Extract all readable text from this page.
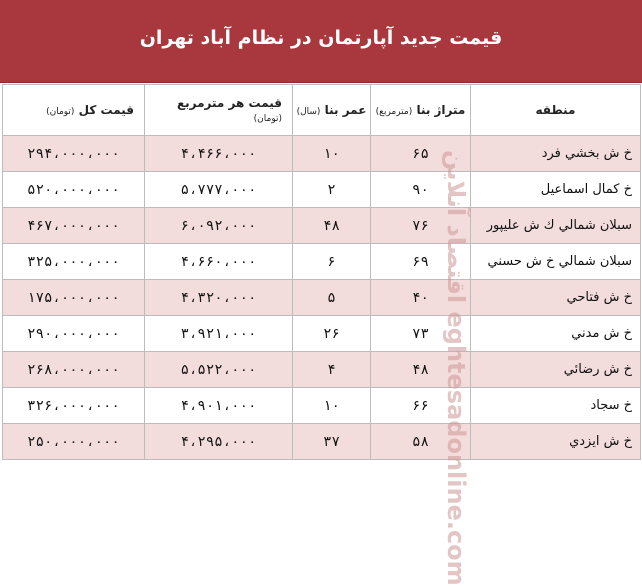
قیمت جدید آپارتمان در نظام آباد تهران
منطقه	متراژ بنا (مترمربع)	عمر بنا (سال)	قیمت هر مترمربع (تومان)	قیمت کل (تومان)
خ ش بخشي فرد	۶۵	۱۰	۴،۴۶۶،۰۰۰	۲۹۴،۰۰۰،۰۰۰
خ كمال اسماعيل	۹۰	۲	۵،۷۷۷،۰۰۰	۵۲۰،۰۰۰،۰۰۰
سبلان شمالي ك ش عليپور	۷۶	۴۸	۶،۰۹۲،۰۰۰	۴۶۷،۰۰۰،۰۰۰
سبلان شمالي خ ش حسني	۶۹	۶	۴،۶۶۰،۰۰۰	۳۲۵،۰۰۰،۰۰۰
خ ش فتاحي	۴۰	۵	۴،۳۲۰،۰۰۰	۱۷۵،۰۰۰،۰۰۰
خ ش مدني	۷۳	۲۶	۳،۹۲۱،۰۰۰	۲۹۰،۰۰۰،۰۰۰
خ ش رضائي	۴۸	۴	۵،۵۲۲،۰۰۰	۲۶۸،۰۰۰،۰۰۰
خ سجاد	۶۶	۱۰	۴،۹۰۱،۰۰۰	۳۲۶،۰۰۰،۰۰۰
خ ش ايزدي	۵۸	۳۷	۴،۲۹۵،۰۰۰	۲۵۰،۰۰۰،۰۰۰
اقتصاد آنلاين eghtesadonline.com
